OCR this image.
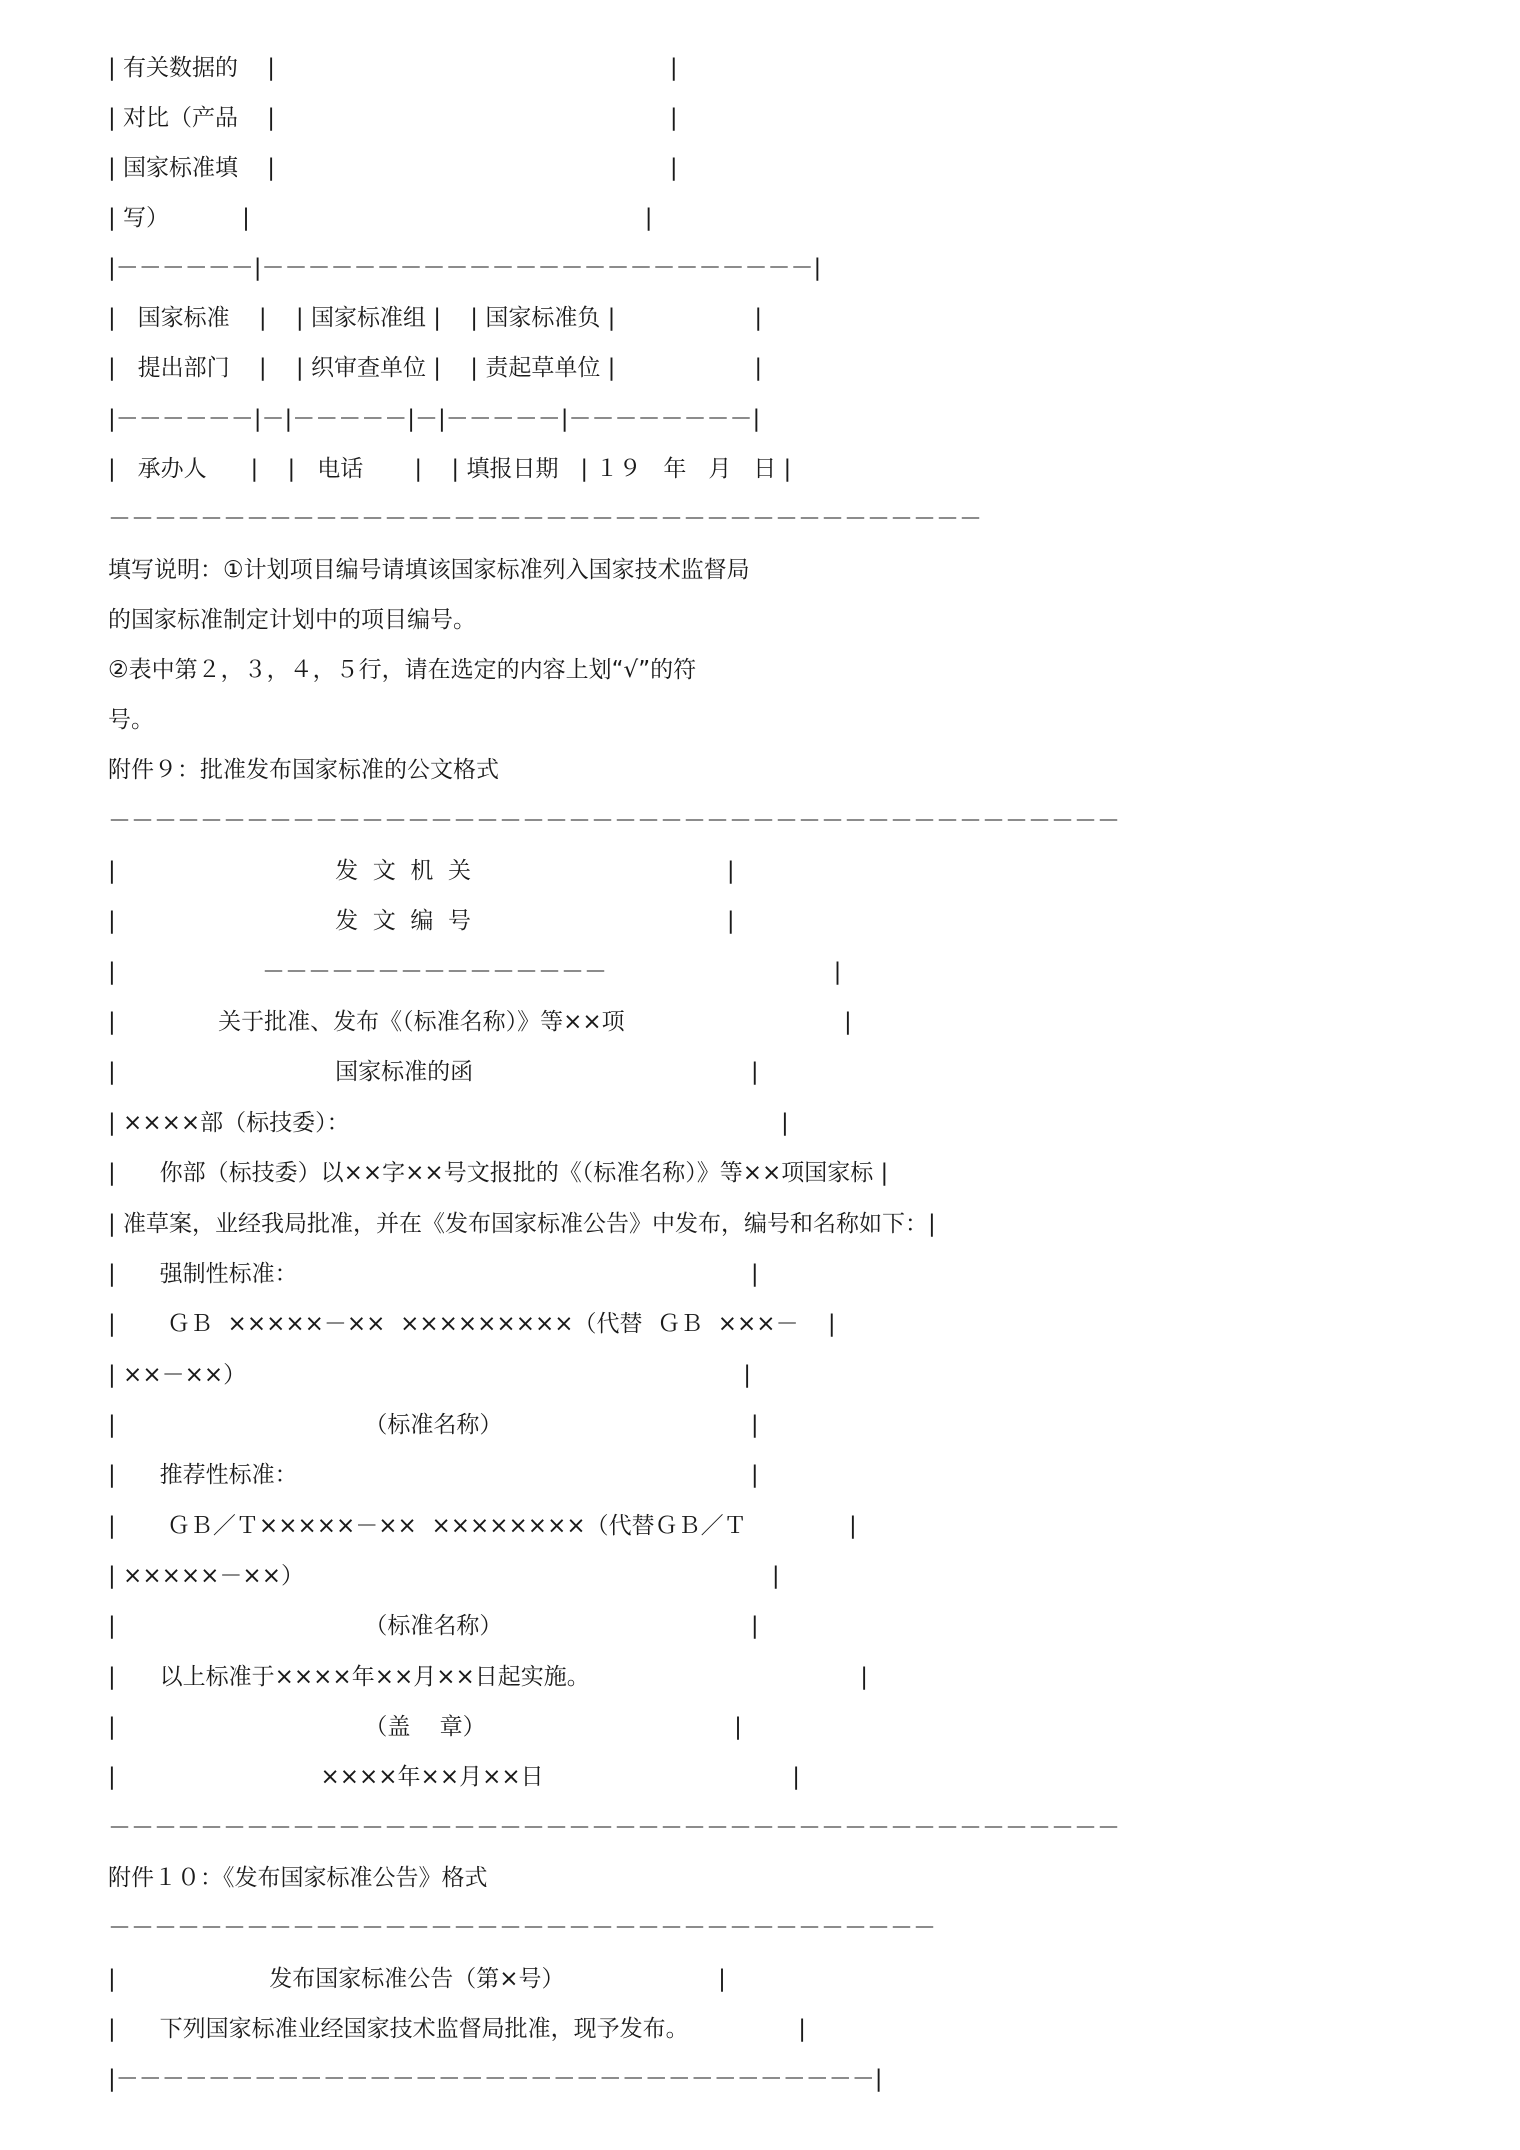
| 有关数据的    |                                                      |
| 对比（产品    |                                                      |
| 国家标准填    |                                                      |
| 写）          |                                                      |
|－－－－－－|－－－－－－－－－－－－－－－－－－－－－－－－|
|   国家标准    |    | 国家标准组 |    | 国家标准负 |                   |
|   提出部门    |    | 织审查单位 |    | 责起草单位 |                   |
|－－－－－－|－|－－－－－|－|－－－－－|－－－－－－－－|
|   承办人      |    |   电话       |    | 填报日期   | １９   年   月   日 |
－－－－－－－－－－－－－－－－－－－－－－－－－－－－－－－－－－－－－－
填写说明：①计划项目编号请填该国家标准列入国家技术监督局
的国家标准制定计划中的项目编号。
②表中第２，３，４，５行，请在选定的内容上划“√”的符
号。
附件９：批准发布国家标准的公文格式
－－－－－－－－－－－－－－－－－－－－－－－－－－－－－－－－－－－－－－－－－－－－
|                              发  文  机  关                                   |
|                              发  文  编  号                                   |
|                    －－－－－－－－－－－－－－－                               |
|              关于批准、发布《（标准名称）》等××项                              |
|                              国家标准的函                                      |
| ××××部（标技委）：                                                           |
|      你部（标技委）以××字××号文报批的《（标准名称）》等××项国家标 |
| 准草案，业经我局批准，并在《发布国家标准公告》中发布，编号和名称如下：|
|      强制性标准：                                                              |
|       ＧＢ  ×××××－××  ×××××××××（代替  ＧＢ  ×××－    |
| ××－××）                                                                    |
|                                  （标准名称）                                  |
|      推荐性标准：                                                              |
|       ＧＢ／Ｔ×××××－××  ××××××××（代替ＧＢ／Ｔ              |
| ×××××－××）                                                                |
|                                  （标准名称）                                  |
|      以上标准于××××年××月××日起实施。                                     |
|                                  （盖    章）                                  |
|                            ××××年××月××日                                  |
－－－－－－－－－－－－－－－－－－－－－－－－－－－－－－－－－－－－－－－－－－－－
附件１０：《发布国家标准公告》格式
－－－－－－－－－－－－－－－－－－－－－－－－－－－－－－－－－－－－
|                     发布国家标准公告（第×号）                     |
|      下列国家标准业经国家技术监督局批准，现予发布。               |
|－－－－－－－－－－－－－－－－－－－－－－－－－－－－－－－－－|
